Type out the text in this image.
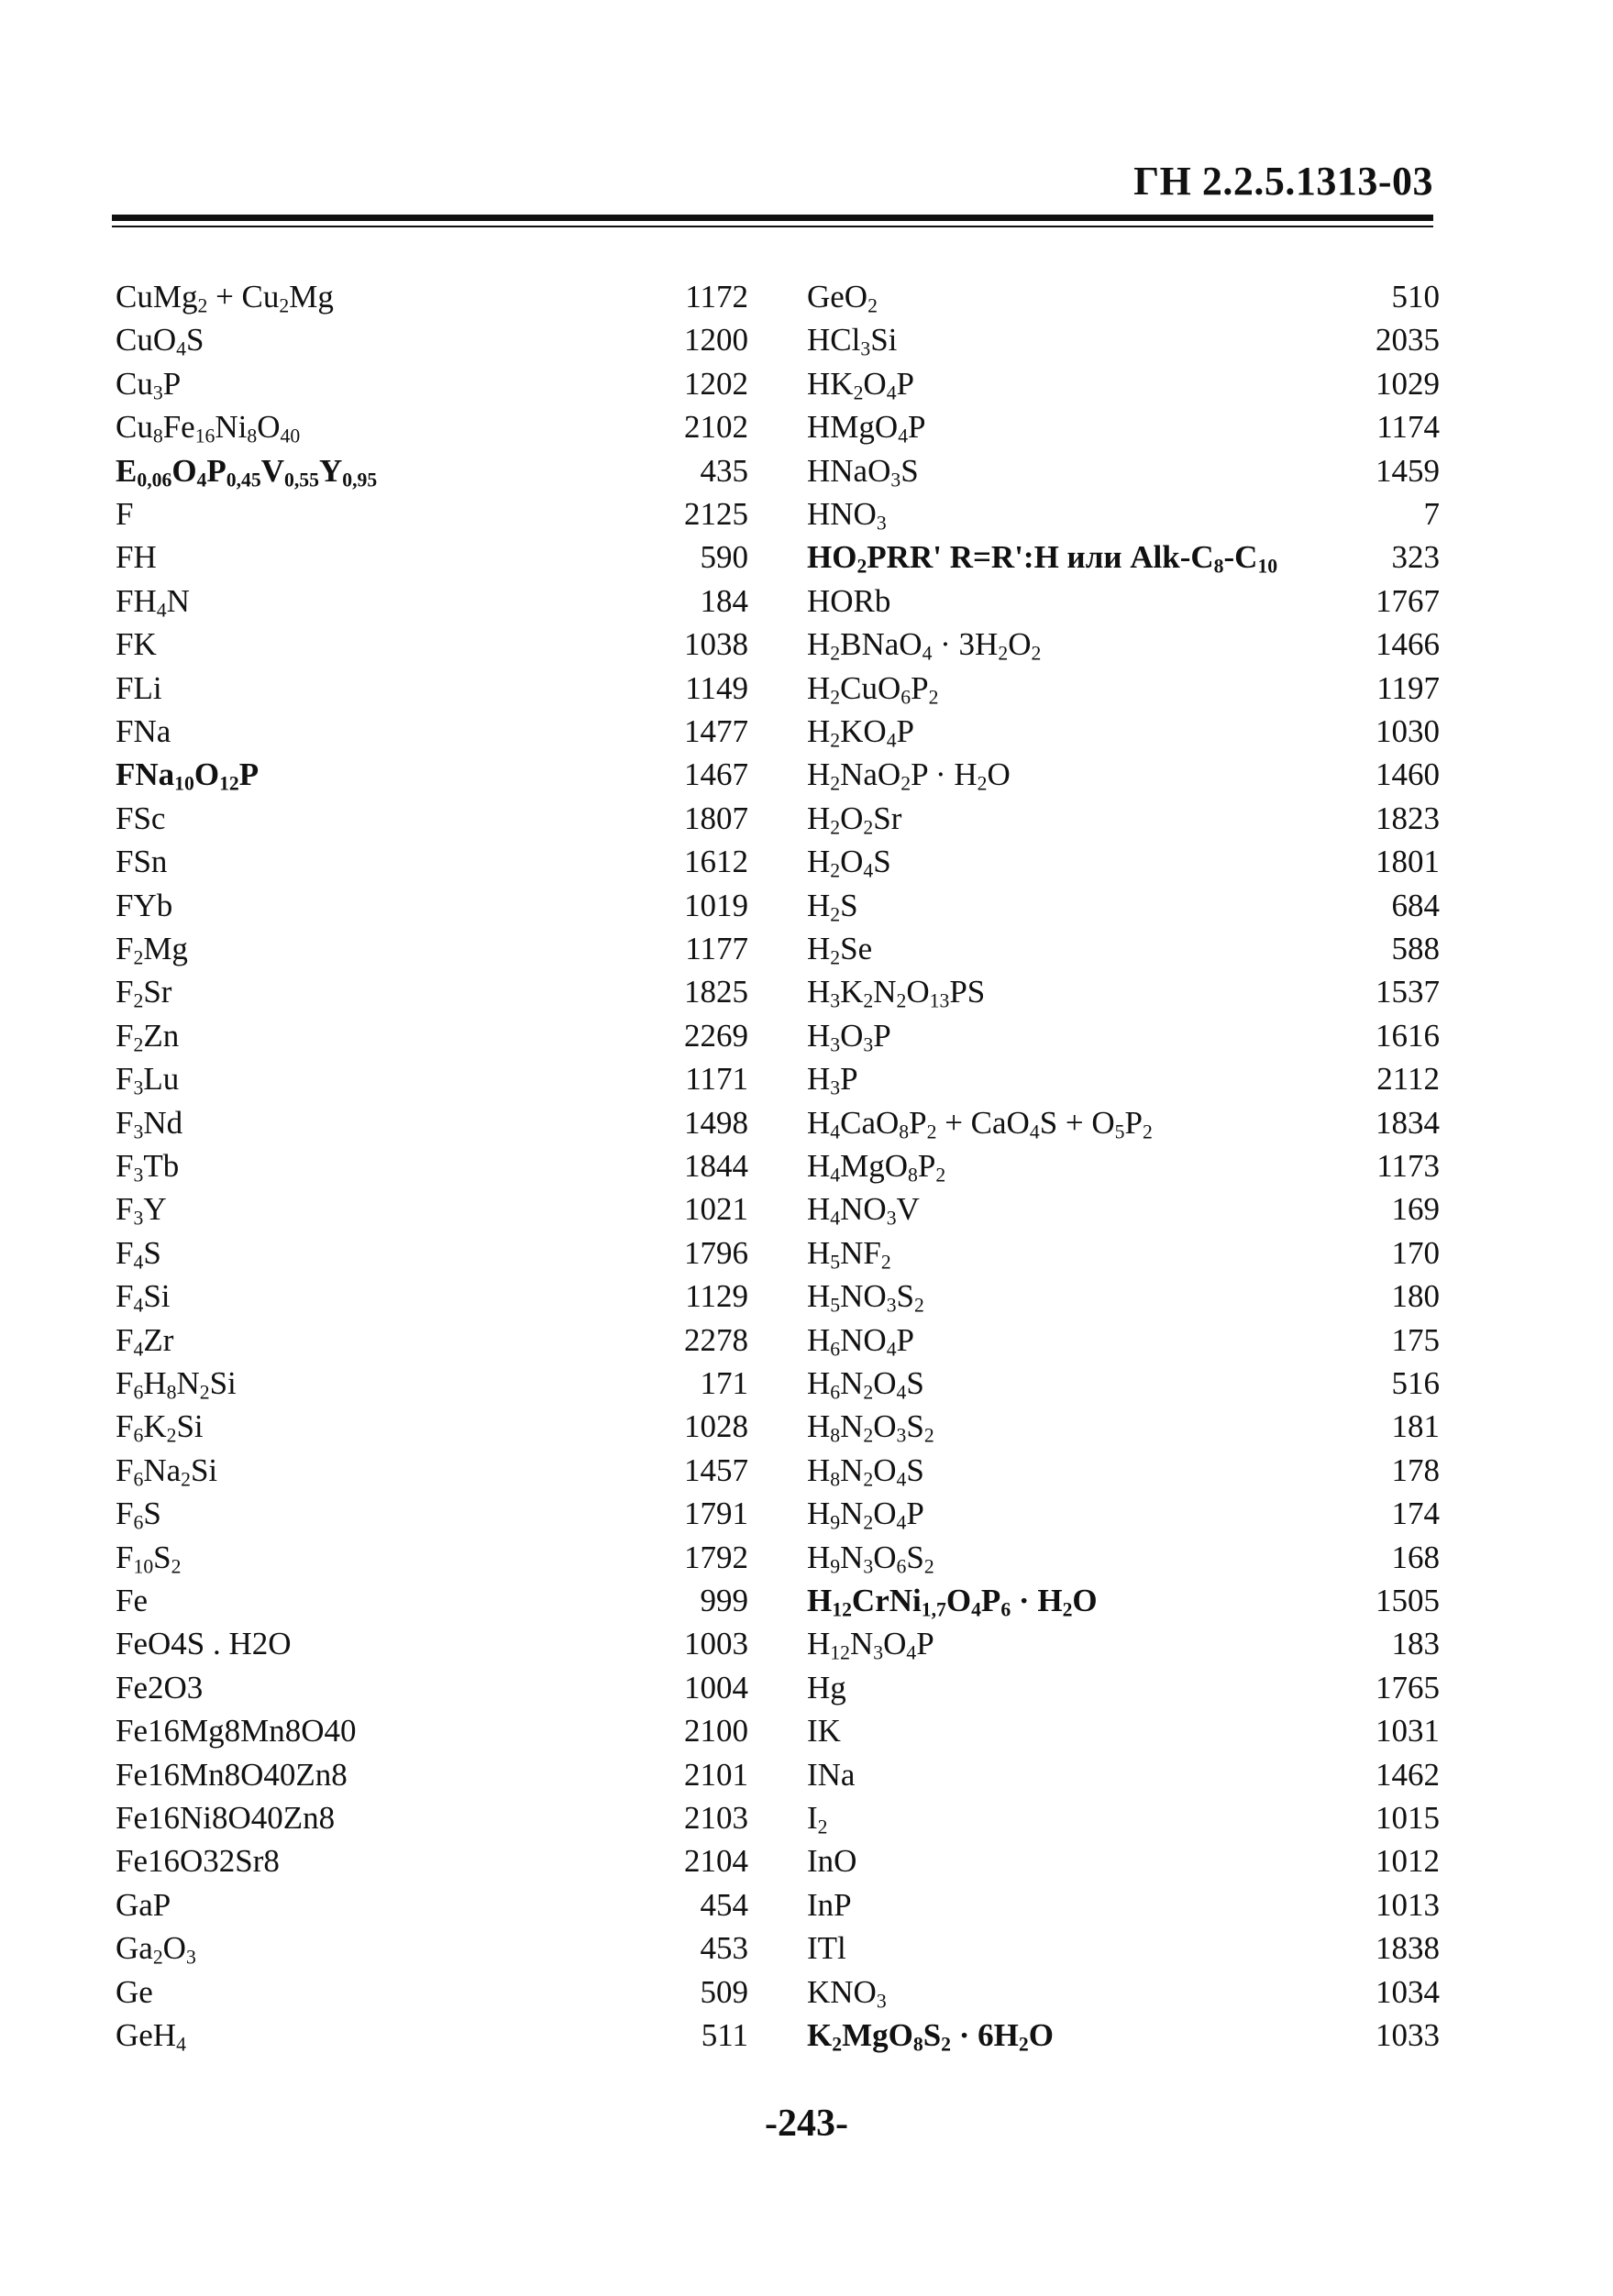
ГН 2.2.5.1313-03
CuMg$_2$ + $Cu_2Mg$	1172
CuO$_4$S	1200
$Cu_3P$	1202
$Cu_8Fe_{16}Ni_8O_{40}$	2102
$E_{0,06}O_4P_{0,45}V_{0,55}Y_{0,95}$	435
F	2125
FH	590
$FH_4N$	184
FK	1038
FLi	1149
FNa	1477
$FNa_{10}O_{12}P$	1467
FSc	1807
FSn	1612
FYb	1019
$F_2Mg$	1177
$F_2Sr$	1825
$F_2Zn$	2269
$F_3Lu$	1171
$F_3Nd$	1498
$F_3Tb$	1844
$F_3Y$	1021
$F_4S$	1796
$F_4Si$	1129
$F_4Zr$	2278
$F_6H_8N_2Si$	171
$F_6K_2Si$	1028
$F_6Na_2Si$	1457
$F_6S$	1791
$F_{10}S_2$	1792
Fe	999
FeO4S . H2O	1003
Fe2O3	1004
Fe16Mg8Mn8O40	2100
Fe16Mn8O40Zn8	2101
Fe16Ni8O40Zn8	2103
Fe16O32Sr8	2104
GaP	454
$Ga_2O_3$	453
Ge	509
GeH$_4$	511
GeO$_2$	510
HCl$_3$Si	2035
$HK_2O_4P$	1029
HMgO$_4$P	1174
HNaO$_3$S	1459
$HNO_3$	7
$HO_2PRR'$ R=R':H или Alk-$C_8-C_{10}$	323
HORb	1767
$H_2BNaO_4 \cdot 3H_2O_2$	1466
$H_2CuO_6P_2$	1197
$H_2KO_4P$	1030
$H_2NaO_2P \cdot H_2O$	1460
$H_2O_2Sr$	1823
$H_2O_4S$	1801
$H_2S$	684
$H_2Se$	588
$H_3K_2N_2O_{13}PS$	1537
$H_3O_3P$	1616
$H_3P$	2112
$H_4CaO_8P_2 + CaO_4S + O_5P_2$	1834
$H_4MgO_8P_2$	1173
$H_4NO_3V$	169
$H_5NF_2$	170
$H_5NO_3S_2$	180
$H_6NO_4P$	175
$H_6N_2O_4S$	516
$H_8N_2O_3S_2$	181
$H_8N_2O_4S$	178
$H_9N_2O_4P$	174
$H_9N_3O_6S_2$	168
$H_{12}CrNi_{1,7}O_4P_6 \cdot H_2O$	1505
$H_{12}N_3O_4P$	183
Hg	1765
IK	1031
INa	1462
$I_2$	1015
InO	1012
InP	1013
ITl	1838
$KNO_3$	1034
$K_2MgO_8S_2 \cdot 6H_2O$	1033
-243-
